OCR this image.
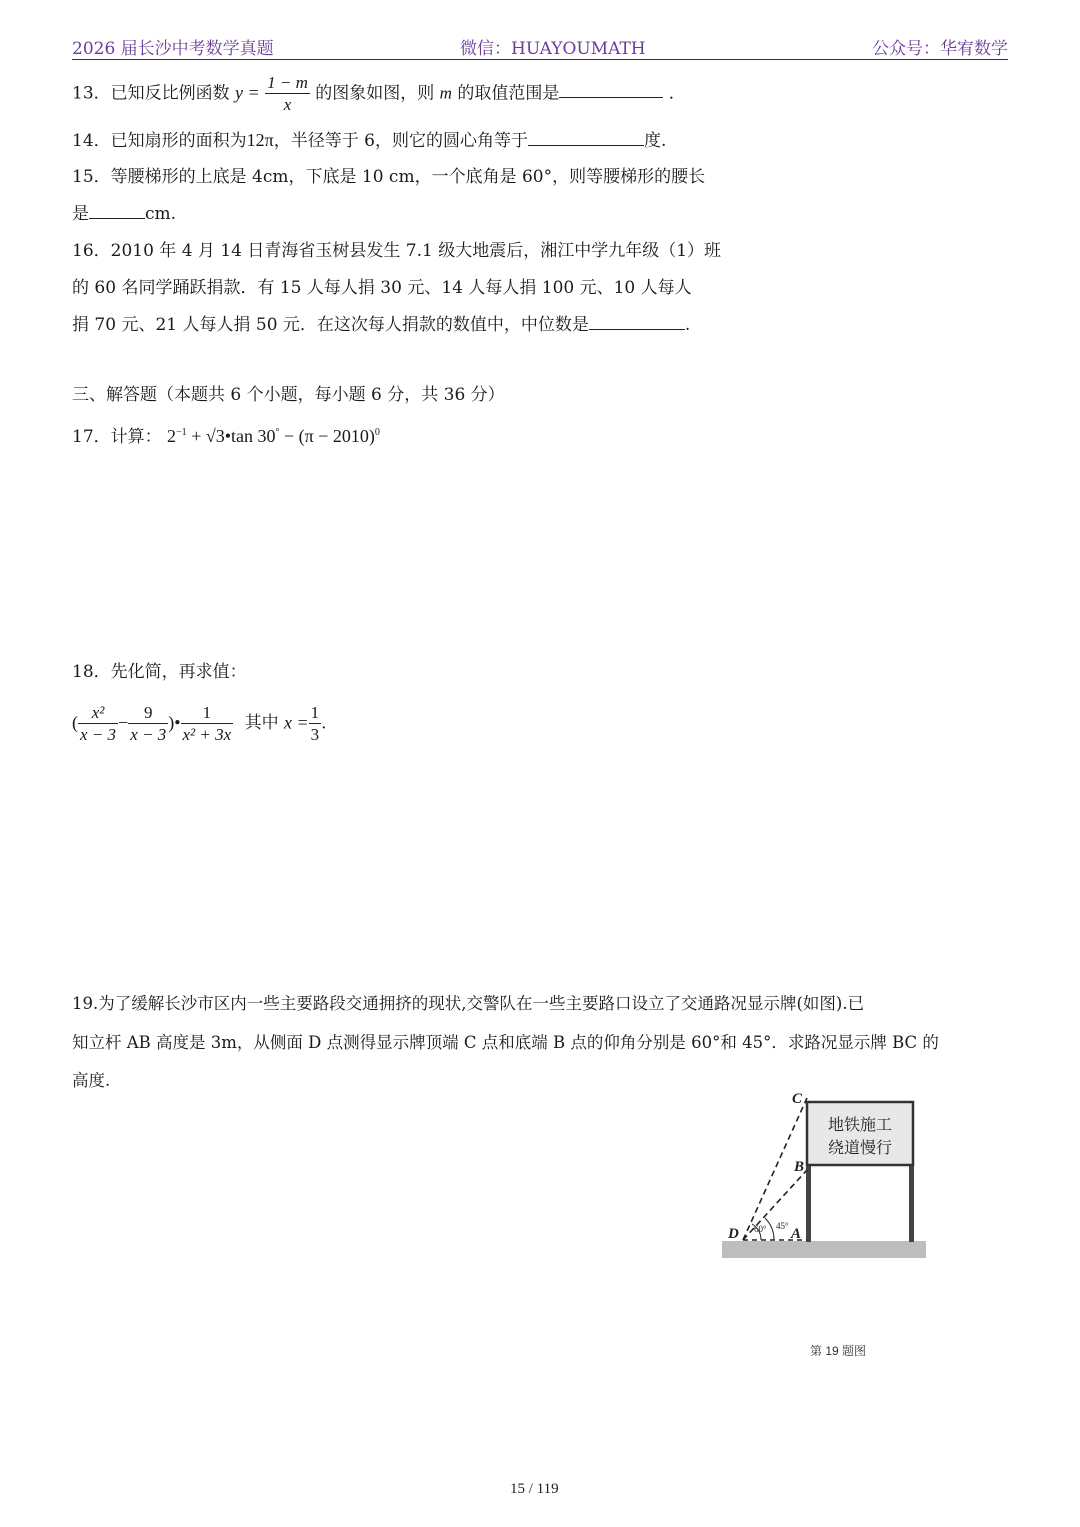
2026 届长沙中考数学真题	微信：HUAYOUMATH	公众号：华宥数学
13．已知反比例函数 $y = \frac{1 - m}{x}$ 的图象如图，则 m 的取值范围是	．
14．已知扇形的面积为12π，半径等于 6，则它的圆心角等于	度.
15．等腰梯形的上底是 4cm，下底是 10 cm，一个底角是 60°，则等腰梯形的腰长
是	cm.
16．2010 年 4 月 14 日青海省玉树县发生 7.1 级大地震后，湘江中学九年级（1）班
的 60 名同学踊跃捐款．有 15 人每人捐 30 元、14 人每人捐 100 元、10 人每人
捐 70 元、21 人每人捐 50 元．在这次每人捐款的数值中，中位数是	.
三、解答题（本题共 6 个小题，每小题 6 分，共 36 分）
17．计算： $2^{-1}$ + √3•tan $30^\circ - (\pi - 2010)^0$
18．先化简，再求值：
( $\frac{\text{x²}}{x - 3} - \frac{9}{x - 3}$ )• $\frac{1}{\text{x² + 3x}}$ 其中 $x = \frac{1}{3}$ .
19.为了缓解长沙市区内一些主要路段交通拥挤的现状,交警队在一些主要路口设立了交通路况显示牌(如图).已
知立杆 AB 高度是 3m，从侧面 D 点测得显示牌顶端 C 点和底端 B 点的仰角分别是 60°和 45°．求路况显示牌 BC 的
高度.
地铁施工
绕道慢行
60° 45°
C
B
D	A
第 19 题图
15 / 119
